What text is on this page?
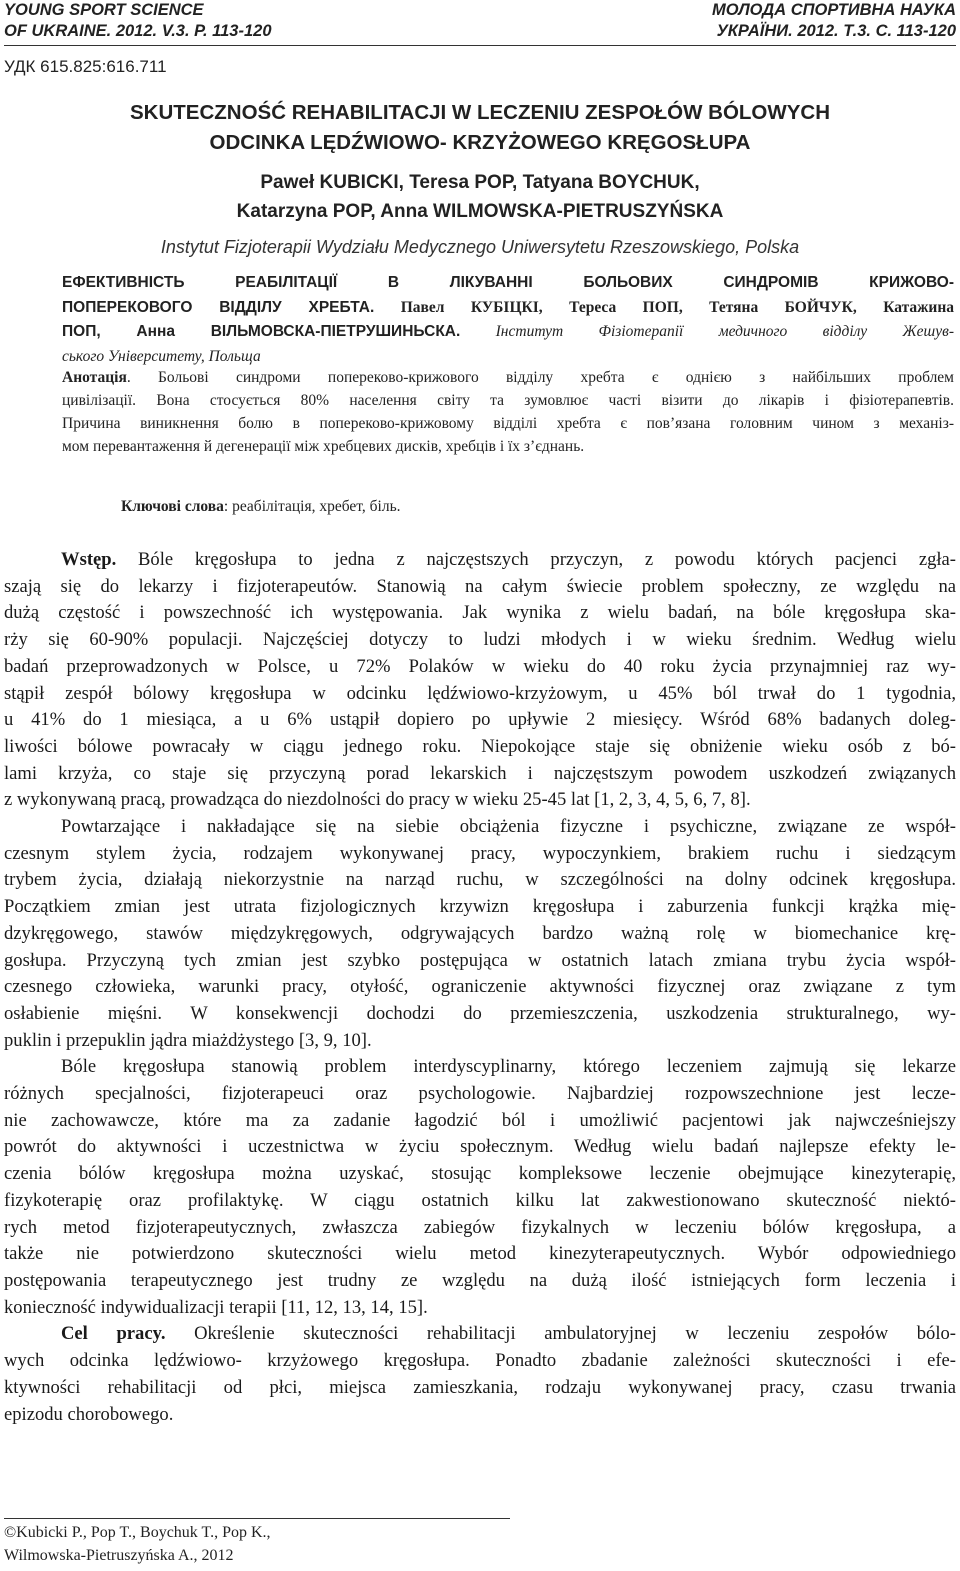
YOUNG SPORT SCIENCE
OF UKRAINE. 2012. V.3. P. 113-120
МОЛОДА СПОРТИВНА НАУКА
УКРАЇНИ. 2012. Т.3. С. 113-120
УДК 615.825:616.711
SKUTECZNOŚĆ REHABILITACJI W LECZENIU ZESPOŁÓW BÓLOWYCH
ODCINKA LĘDŹWIOWO- KRZYŻOWEGO KRĘGOSŁUPA
Paweł KUBICKI, Teresa POP, Tatyana BOYCHUK,
Katarzyna POP, Anna WILMOWSKA-PIETRUSZYŃSKA
Instytut Fizjoterapii Wydziału Medycznego Uniwersytetu Rzeszowskiego, Polska
ЕФЕКТИВНІСТЬ РЕАБІЛІТАЦІЇ В ЛІКУВАННІ БОЛЬОВИХ СИНДРОМІВ КРИЖОВО-
ПОПЕРЕКОВОГО ВІДДІЛУ ХРЕБТА. Павел КУБІЦКІ, Тереса ПОП, Тетяна БОЙЧУК, Катажина
ПОП, Анна ВІЛЬМОВСКА-ПІЕТРУШИНЬСКА. Інститут Фізіотерапії медичного відділу Жешув-
ського Університету, Польща
Анотація. Больові синдроми попереково-крижового відділу хребта є однією з найбільших проблем
цивілізації. Вона стосується 80% населення світу та зумовлює часті візити до лікарів і фізіотерапевтів.
Причина виникнення болю в попереково-крижовому відділі хребта є пов’язана головним чином з механіз-
мом перевантаження й дегенерації між хребцевих дисків, хребців і їх з’єднань.
Ключові слова: реабілітація, хребет, біль.
Wstęp. Bóle kręgosłupa to jedna z najczęstszych przyczyn, z powodu których pacjenci zgła-
szają się do lekarzy i fizjoterapeutów. Stanowią na całym świecie problem społeczny, ze względu na
dużą częstość i powszechność ich występowania. Jak wynika z wielu badań, na bóle kręgosłupa ska-
rży się 60-90% populacji. Najczęściej dotyczy to ludzi młodych i w wieku średnim. Według wielu
badań przeprowadzonych w Polsce, u 72% Polaków w wieku do 40 roku życia przynajmniej raz wy-
stąpił zespół bólowy kręgosłupa w odcinku lędźwiowo-krzyżowym, u 45% ból trwał do 1 tygodnia,
u 41% do 1 miesiąca, a u 6% ustąpił dopiero po upływie 2 miesięcy. Wśród 68% badanych doleg-
liwości bólowe powracały w ciągu jednego roku. Niepokojące staje się obniżenie wieku osób z bó-
lami krzyża, co staje się przyczyną porad lekarskich i najczęstszym powodem uszkodzeń związanych
z wykonywaną pracą, prowadząca do niezdolności do pracy w wieku 25-45 lat [1, 2, 3, 4, 5, 6, 7, 8].
Powtarzające i nakładające się na siebie obciążenia fizyczne i psychiczne, związane ze współ-
czesnym stylem życia, rodzajem wykonywanej pracy, wypoczynkiem, brakiem ruchu i siedzącym
trybem życia, działają niekorzystnie na narząd ruchu, w szczególności na dolny odcinek kręgosłupa.
Początkiem zmian jest utrata fizjologicznych krzywizn kręgosłupa i zaburzenia funkcji krążka mię-
dzykręgowego, stawów międzykręgowych, odgrywających bardzo ważną rolę w biomechanice krę-
gosłupa. Przyczyną tych zmian jest szybko postępująca w ostatnich latach zmiana trybu życia współ-
czesnego człowieka, warunki pracy, otyłość, ograniczenie aktywności fizycznej oraz związane z tym
osłabienie mięśni. W konsekwencji dochodzi do przemieszczenia, uszkodzenia strukturalnego, wy-
puklin i przepuklin jądra miażdżystego [3, 9, 10].
Bóle kręgosłupa stanowią problem interdyscyplinarny, którego leczeniem zajmują się lekarze
różnych specjalności, fizjoterapeuci oraz psychologowie. Najbardziej rozpowszechnione jest lecze-
nie zachowawcze, które ma za zadanie łagodzić ból i umożliwić pacjentowi jak najwcześniejszy
powrót do aktywności i uczestnictwa w życiu społecznym. Według wielu badań najlepsze efekty le-
czenia bólów kręgosłupa można uzyskać, stosując kompleksowe leczenie obejmujące kinezyterapię,
fizykoterapię oraz profilaktykę. W ciągu ostatnich kilku lat zakwestionowano skuteczność niektó-
rych metod fizjoterapeutycznych, zwłaszcza zabiegów fizykalnych w leczeniu bólów kręgosłupa, a
także nie potwierdzono skuteczności wielu metod kinezyterapeutycznych. Wybór odpowiedniego
postępowania terapeutycznego jest trudny ze względu na dużą ilość istniejących form leczenia i
konieczność indywidualizacji terapii [11, 12, 13, 14, 15].
Cel pracy. Określenie skuteczności rehabilitacji ambulatoryjnej w leczeniu zespołów bólo-
wych odcinka lędźwiowo- krzyżowego kręgosłupa. Ponadto zbadanie zależności skuteczności i efe-
ktywności rehabilitacji od płci, miejsca zamieszkania, rodzaju wykonywanej pracy, czasu trwania
epizodu chorobowego.
©Kubicki P., Pop T., Boychuk T., Pop K.,
Wilmowska-Pietruszyńska A., 2012
